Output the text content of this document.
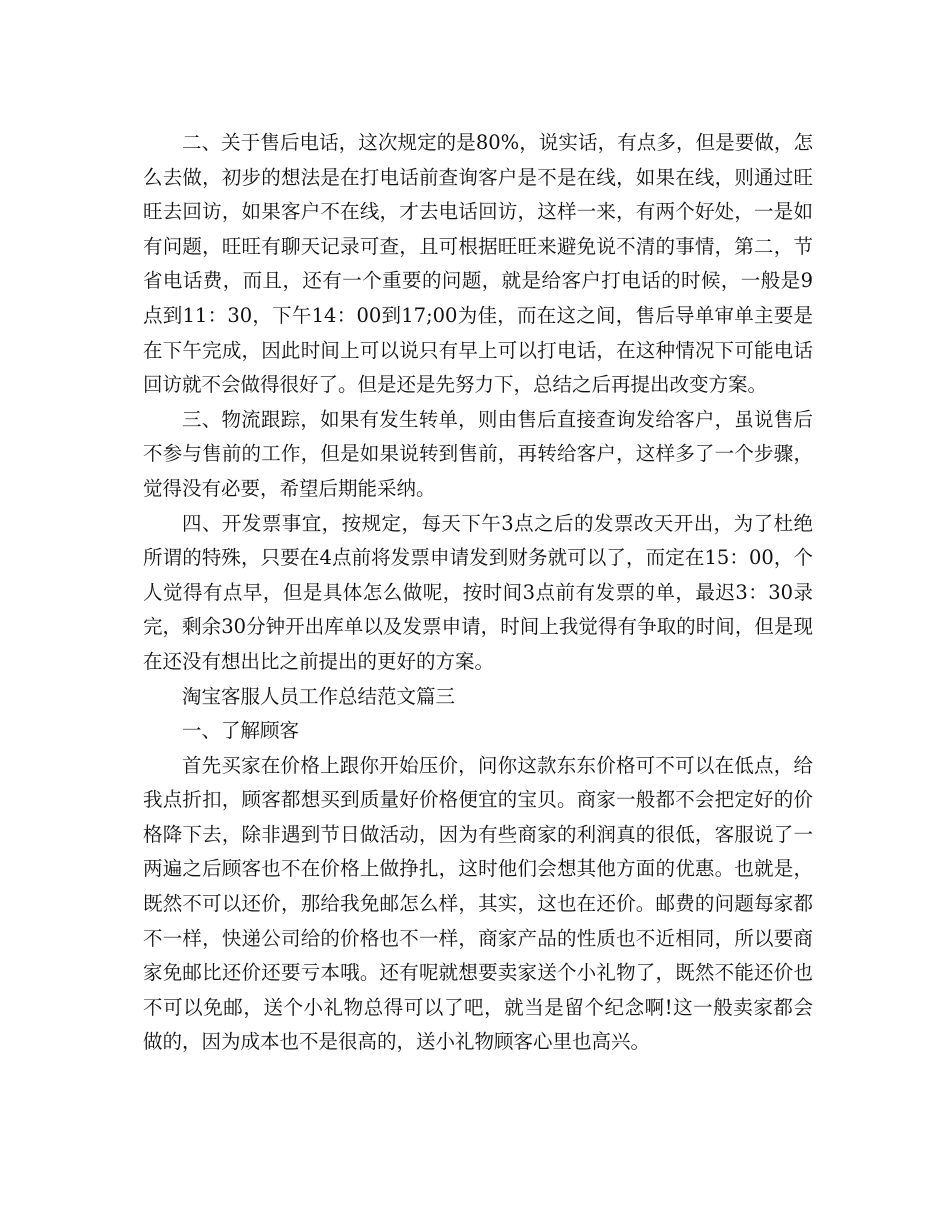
二、关于售后电话，这次规定的是80%，说实话，有点多，但是要做，怎么去做，初步的想法是在打电话前查询客户是不是在线，如果在线，则通过旺旺去回访，如果客户不在线，才去电话回访，这样一来，有两个好处，一是如有问题，旺旺有聊天记录可查，且可根据旺旺来避免说不清的事情，第二，节省电话费，而且，还有一个重要的问题，就是给客户打电话的时候，一般是9点到11：30，下午14：00到17;00为佳，而在这之间，售后导单审单主要是在下午完成，因此时间上可以说只有早上可以打电话，在这种情况下可能电话回访就不会做得很好了。但是还是先努力下，总结之后再提出改变方案。

三、物流跟踪，如果有发生转单，则由售后直接查询发给客户，虽说售后不参与售前的工作，但是如果说转到售前，再转给客户，这样多了一个步骤，觉得没有必要，希望后期能采纳。

四、开发票事宜，按规定，每天下午3点之后的发票改天开出，为了杜绝所谓的特殊，只要在4点前将发票申请发到财务就可以了，而定在15：00，个人觉得有点早，但是具体怎么做呢，按时间3点前有发票的单，最迟3：30录完，剩余30分钟开出库单以及发票申请，时间上我觉得有争取的时间，但是现在还没有想出比之前提出的更好的方案。

淘宝客服人员工作总结范文篇三

一、了解顾客

首先买家在价格上跟你开始压价，问你这款东东价格可不可以在低点，给我点折扣，顾客都想买到质量好价格便宜的宝贝。商家一般都不会把定好的价格降下去，除非遇到节日做活动，因为有些商家的利润真的很低，客服说了一两遍之后顾客也不在价格上做挣扎，这时他们会想其他方面的优惠。也就是，既然不可以还价，那给我免邮怎么样，其实，这也在还价。邮费的问题每家都不一样，快递公司给的价格也不一样，商家产品的性质也不近相同，所以要商家免邮比还价还要亏本哦。还有呢就想要卖家送个小礼物了，既然不能还价也不可以免邮，送个小礼物总得可以了吧，就当是留个纪念啊!这一般卖家都会做的，因为成本也不是很高的，送小礼物顾客心里也高兴。
